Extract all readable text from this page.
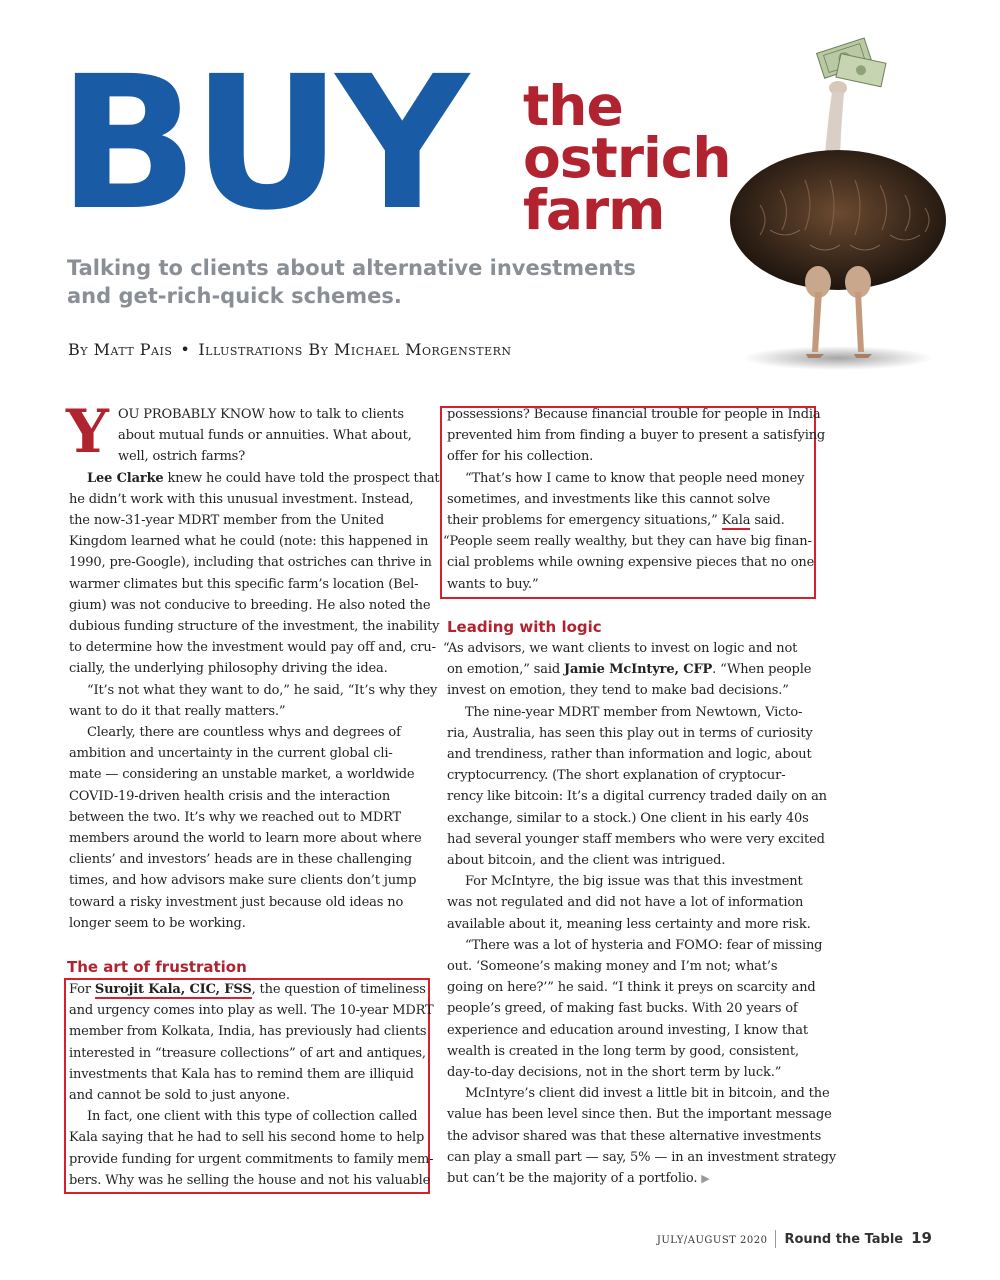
BUY the
ostrich
farm
Talking to clients about alternative investments and get-rich-quick schemes.
By Matt Pais • Illustrations By Michael Morgenstern
Y OU PROBABLY KNOW how to talk to clients

about mutual funds or annuities. What about,

well, ostrich farms?

Lee Clarke knew he could have told the prospect that

he didn’t work with this unusual investment. Instead,

the now-31-year MDRT member from the United

Kingdom learned what he could (note: this happened in

1990, pre-Google), including that ostriches can thrive in

warmer climates but this specific farm’s location (Bel-

gium) was not conducive to breeding. He also noted the

dubious funding structure of the investment, the inability

to determine how the investment would pay off and, cru-

cially, the underlying philosophy driving the idea.

“It’s not what they want to do,” he said, “It’s why they

want to do it that really matters.”

Clearly, there are countless whys and degrees of

ambition and uncertainty in the current global cli-

mate — considering an unstable market, a worldwide

COVID-19-driven health crisis and the interaction

between the two. It’s why we reached out to MDRT

members around the world to learn more about where

clients’ and investors’ heads are in these challenging

times, and how advisors make sure clients don’t jump

toward a risky investment just because old ideas no

longer seem to be working.

The art of frustration

For Surojit Kala, CIC, FSS, the question of timeliness

and urgency comes into play as well. The 10-year MDRT

member from Kolkata, India, has previously had clients

interested in “treasure collections” of art and antiques,

investments that Kala has to remind them are illiquid

and cannot be sold to just anyone.

In fact, one client with this type of collection called

Kala saying that he had to sell his second home to help

provide funding for urgent commitments to family mem-

bers. Why was he selling the house and not his valuable

possessions? Because financial trouble for people in India

prevented him from finding a buyer to present a satisfying

offer for his collection.

“That’s how I came to know that people need money

sometimes, and investments like this cannot solve

their problems for emergency situations,” Kala said.

“People seem really wealthy, but they can have big finan-

cial problems while owning expensive pieces that no one

wants to buy.”

Leading with logic

“As advisors, we want clients to invest on logic and not

on emotion,” said Jamie McIntyre, CFP. “When people

invest on emotion, they tend to make bad decisions.”

The nine-year MDRT member from Newtown, Victo-

ria, Australia, has seen this play out in terms of curiosity

and trendiness, rather than information and logic, about

cryptocurrency. (The short explanation of cryptocur-

rency like bitcoin: It’s a digital currency traded daily on an

exchange, similar to a stock.) One client in his early 40s

had several younger staff members who were very excited

about bitcoin, and the client was intrigued.

For McIntyre, the big issue was that this investment

was not regulated and did not have a lot of information

available about it, meaning less certainty and more risk.

“There was a lot of hysteria and FOMO: fear of missing

out. ‘Someone’s making money and I’m not; what’s

going on here?’” he said. “I think it preys on scarcity and

people’s greed, of making fast bucks. With 20 years of

experience and education around investing, I know that

wealth is created in the long term by good, consistent,

day-to-day decisions, not in the short term by luck.”

McIntyre’s client did invest a little bit in bitcoin, and the

value has been level since then. But the important message

the advisor shared was that these alternative investments

can play a small part — say, 5% — in an investment strategy

but can’t be the majority of a portfolio. ▶

JULY/AUGUST 2020 Round the Table 19
